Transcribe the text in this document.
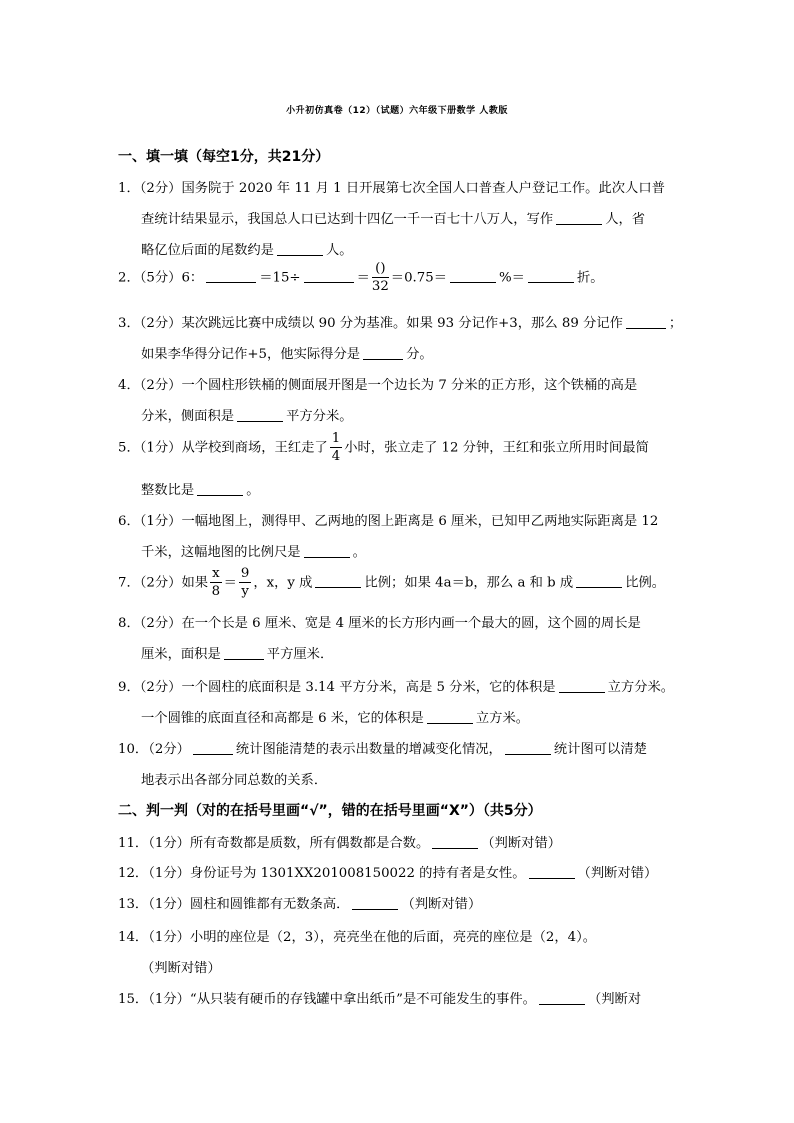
小升初仿真卷（12）（试题）六年级下册数学 人教版
一、填一填（每空1分，共21分）
1．（2分）国务院于 2020 年 11 月 1 日开展第七次全国人口普查人户登记工作。此次人口普
查统计结果显示，我国总人口已达到十四亿一千一百七十八万人，写作	人，省
略亿位后面的尾数约是	人。
2．（5分）6：	＝15÷	＝ $\frac{()}{32} =0.75=$	%＝	折。
3．（2分）某次跳远比赛中成绩以 90 分为基准。如果 93 分记作+3，那么 89 分记作	；
如果李华得分记作+5，他实际得分是	分。
4．（2分）一个圆柱形铁桶的侧面展开图是一个边长为 7 分米的正方形，这个铁桶的高是
分米，侧面积是	平方分米。
5．（1分）从学校到商场，王红走了 $\frac{1}{4}$ 小时，张立走了 12 分钟，王红和张立所用时间最简
整数比是	。
6．（1分）一幅地图上，测得甲、乙两地的图上距离是 6 厘米，已知甲乙两地实际距离是 12
千米，这幅地图的比例尺是	。
7．（2分）如果 $\frac{x}{8} = \frac{9}{y}$ ，x，y 成	比例；如果 4a＝b，那么 a 和 b 成	比例。
8．（2分）在一个长是 6 厘米、宽是 4 厘米的长方形内画一个最大的圆，这个圆的周长是
厘米，面积是	平方厘米．
9．（2分）一个圆柱的底面积是 3.14 平方分米，高是 5 分米，它的体积是	立方分米。
一个圆锥的底面直径和高都是 6 米，它的体积是	立方米。
10．（2分）	统计图能清楚的表示出数量的增减变化情况，	统计图可以清楚
地表示出各部分同总数的关系．
二、判一判（对的在括号里画“√”，错的在括号里画“X”）（共5分）
11．（1分）所有奇数都是质数，所有偶数都是合数。	（判断对错）
12．（1分）身份证号为 1301XX201008150022 的持有者是女性。	（判断对错）
13．（1分）圆柱和圆锥都有无数条高．	（判断对错）
14．（1分）小明的座位是（2，3），亮亮坐在他的后面，亮亮的座位是（2，4）。
（判断对错）
15．（1分）“从只装有硬币的存钱罐中拿出纸币”是不可能发生的事件。	（判断对
